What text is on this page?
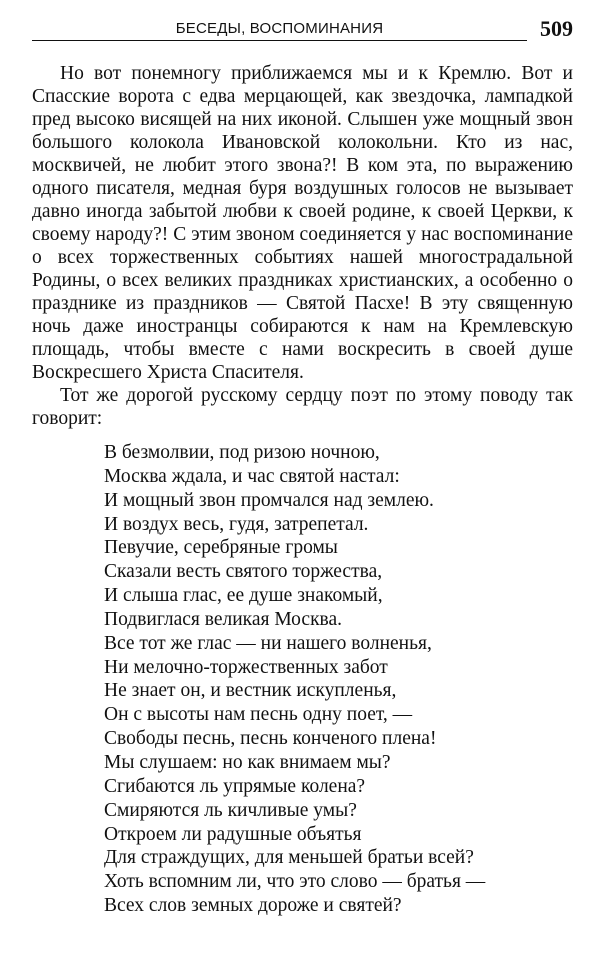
БЕСЕДЫ, ВОСПОМИНАНИЯ	509

Но вот понемногу приближаемся мы и к Кремлю. Вот и Спасские ворота с едва мерцающей, как звездочка, лампадкой пред высоко висящей на них иконой. Слышен уже мощный звон большого колокола Ивановской колокольни. Кто из нас, москвичей, не любит этого звона?! В ком эта, по выражению одного писателя, медная буря воздушных голосов не вызывает давно иногда забытой любви к своей родине, к своей Церкви, к своему народу?! С этим звоном соединяется у нас воспоминание о всех торжественных событиях нашей многострадальной Родины, о всех великих праздниках христианских, а особенно о празднике из праздников — Святой Пасхе! В эту священную ночь даже иностранцы собираются к нам на Кремлевскую площадь, чтобы вместе с нами воскресить в своей душе Воскресшего Христа Спасителя.

Тот же дорогой русскому сердцу поэт по этому поводу так говорит:

В безмолвии, под ризою ночною,
Москва ждала, и час святой настал:
И мощный звон промчался над землею.
И воздух весь, гудя, затрепетал.
Певучие, серебряные громы
Сказали весть святого торжества,
И слыша глас, ее душе знакомый,
Подвиглася великая Москва.
Все тот же глас — ни нашего волненья,
Ни мелочно-торжественных забот
Не знает он, и вестник искупленья,
Он с высоты нам песнь одну поет, —
Свободы песнь, песнь конченого плена!
Мы слушаем: но как внимаем мы?
Сгибаются ль упрямые колена?
Смиряются ль кичливые умы?
Откроем ли радушные объятья
Для страждущих, для меньшей братьи всей?
Хоть вспомним ли, что это слово — братья —
Всех слов земных дороже и святей?
